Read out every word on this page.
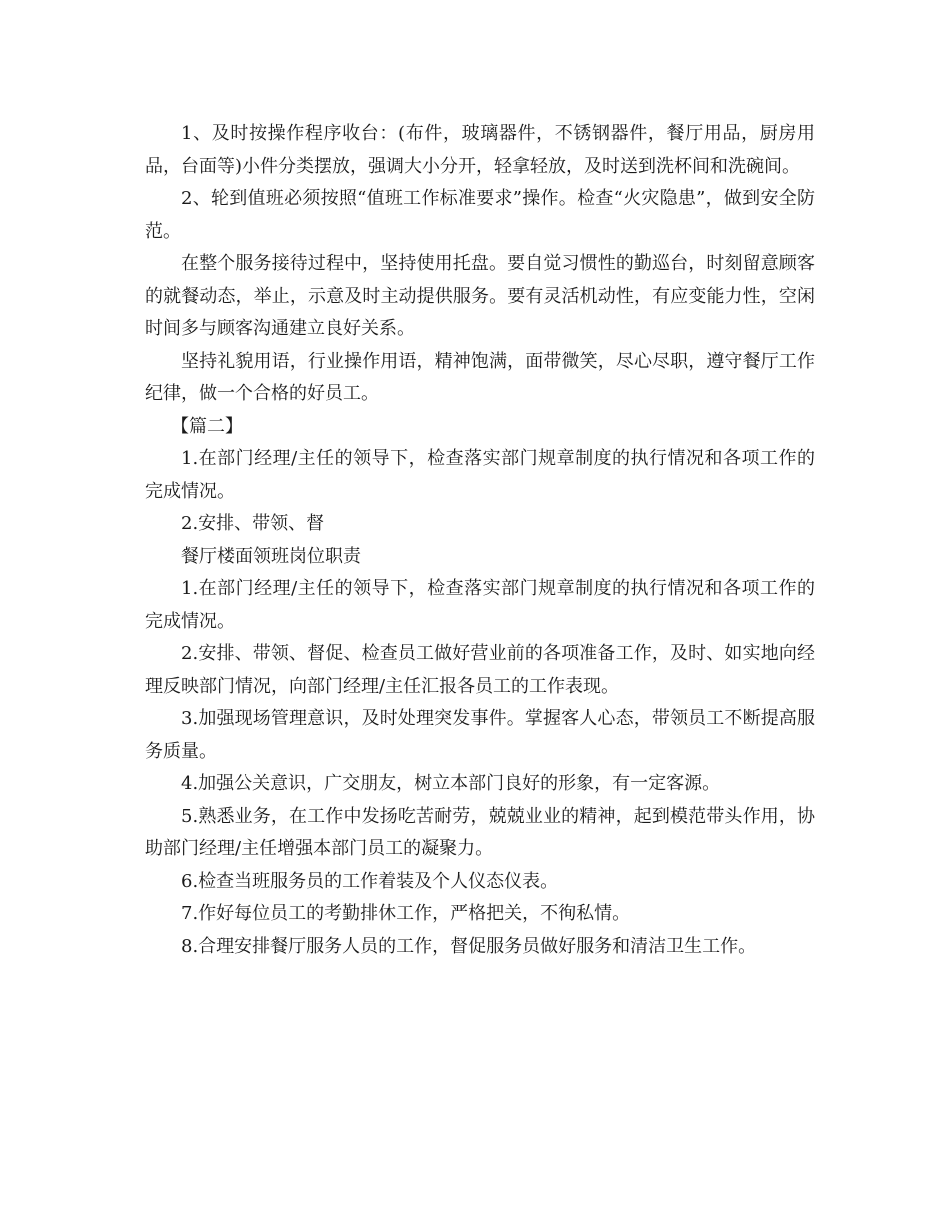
1、及时按操作程序收台：(布件，玻璃器件，不锈钢器件，餐厅用品，厨房用品，台面等)小件分类摆放，强调大小分开，轻拿轻放，及时送到洗杯间和洗碗间。

2、轮到值班必须按照“值班工作标准要求”操作。检查“火灾隐患”，做到安全防范。

在整个服务接待过程中，坚持使用托盘。要自觉习惯性的勤巡台，时刻留意顾客的就餐动态，举止，示意及时主动提供服务。要有灵活机动性，有应变能力性，空闲时间多与顾客沟通建立良好关系。

坚持礼貌用语，行业操作用语，精神饱满，面带微笑，尽心尽职，遵守餐厅工作纪律，做一个合格的好员工。

【篇二】

1.在部门经理/主任的领导下，检查落实部门规章制度的执行情况和各项工作的完成情况。

2.安排、带领、督

餐厅楼面领班岗位职责

1.在部门经理/主任的领导下，检查落实部门规章制度的执行情况和各项工作的完成情况。

2.安排、带领、督促、检查员工做好营业前的各项准备工作，及时、如实地向经理反映部门情况，向部门经理/主任汇报各员工的工作表现。

3.加强现场管理意识，及时处理突发事件。掌握客人心态，带领员工不断提高服务质量。

4.加强公关意识，广交朋友，树立本部门良好的形象，有一定客源。

5.熟悉业务，在工作中发扬吃苦耐劳，兢兢业业的精神，起到模范带头作用，协助部门经理/主任增强本部门员工的凝聚力。

6.检查当班服务员的工作着装及个人仪态仪表。

7.作好每位员工的考勤排休工作，严格把关，不徇私情。

8.合理安排餐厅服务人员的工作，督促服务员做好服务和清洁卫生工作。
